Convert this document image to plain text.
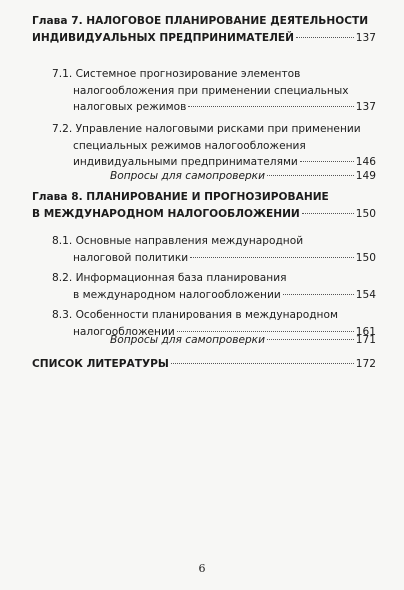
Глава 7. НАЛОГОВОЕ ПЛАНИРОВАНИЕ ДЕЯТЕЛЬНОСТИ
ИНДИВИДУАЛЬНЫХ ПРЕДПРИНИМАТЕЛЕЙ	137
7.1. Системное прогнозирование элементов
налогообложения при применении специальных
налоговых режимов	137
7.2. Управление налоговыми рисками при применении
специальных режимов налогообложения
индивидуальными предпринимателями	146
Вопросы для самопроверки	149
Глава 8. ПЛАНИРОВАНИЕ И ПРОГНОЗИРОВАНИЕ
В МЕЖДУНАРОДНОМ НАЛОГООБЛОЖЕНИИ	150
8.1. Основные направления международной
налоговой политики	150
8.2. Информационная база планирования
в международном налогообложении	154
8.3. Особенности планирования в международном
налогообложении	161
Вопросы для самопроверки	171
СПИСОК ЛИТЕРАТУРЫ	172
6
